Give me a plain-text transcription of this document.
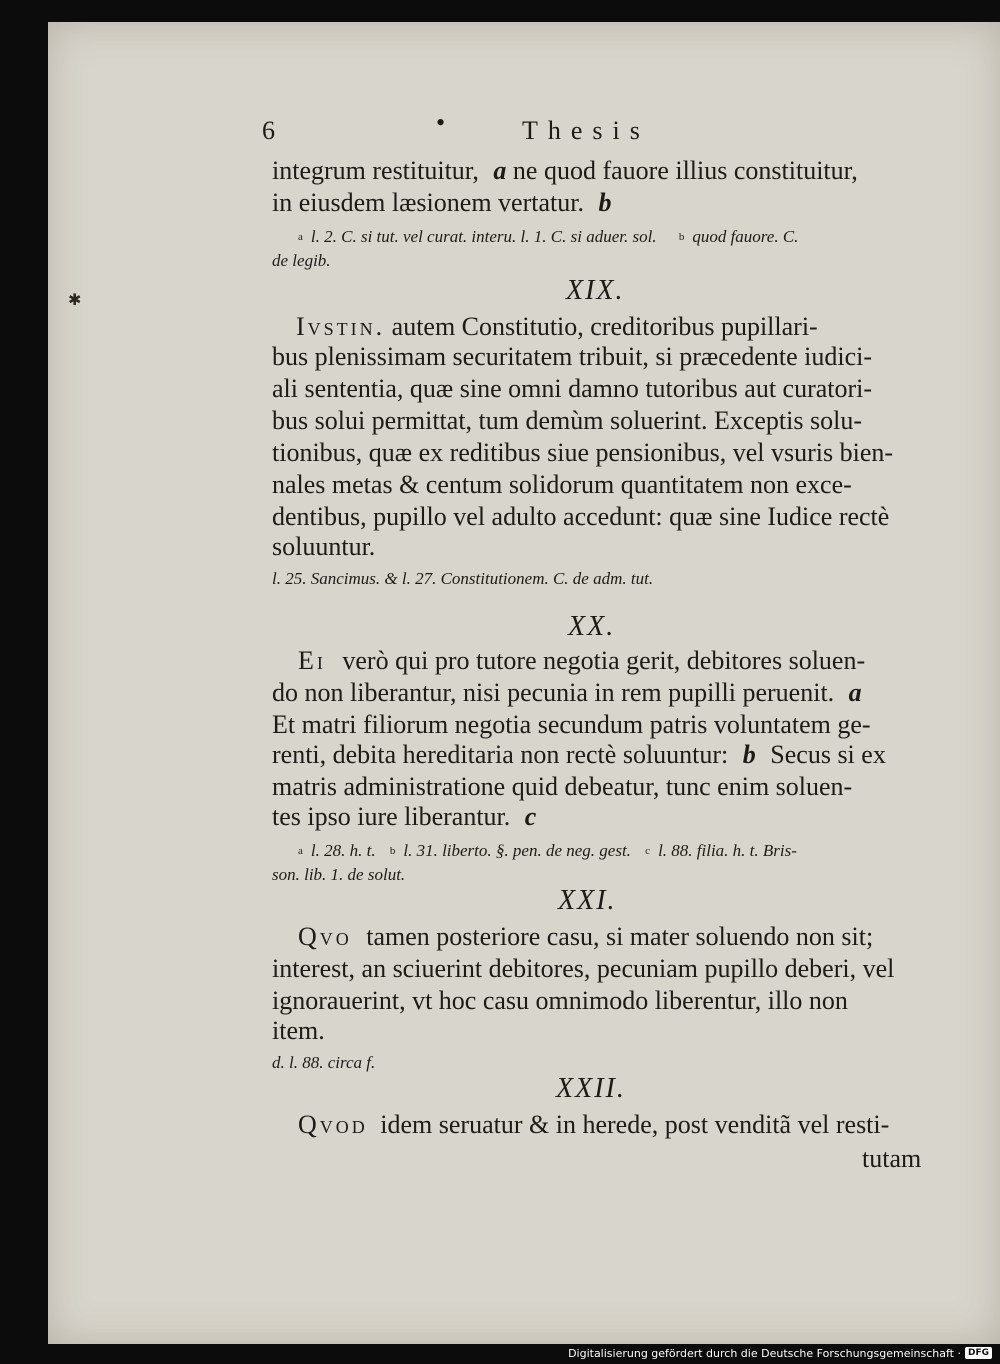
✱
6	•	Thesis
integrum restituitur, a ne quod fauore illius constituitur,
in eiusdem læsionem vertatur. b
$^a$ l. 2. C. si tut. vel curat. interu. l. 1. C. si aduer. sol. $^b$ quod fauore. C.
de legib.
XIX.
Ivstin. autem Constitutio, creditoribus pupillari-
bus plenissimam securitatem tribuit, si præcedente iudici-
ali sententia, quæ sine omni damno tutoribus aut curatori-
bus solui permittat, tum demùm soluerint. Exceptis solu-
tionibus, quæ ex reditibus siue pensionibus, vel vsuris bien-
nales metas & centum solidorum quantitatem non exce-
dentibus, pupillo vel adulto accedunt: quæ sine Iudice rectè
soluuntur.
l. 25. Sancimus. & l. 27. Constitutionem. C. de adm. tut.
XX.
Ei verò qui pro tutore negotia gerit, debitores soluen-
do non liberantur, nisi pecunia in rem pupilli peruenit. a
Et matri filiorum negotia secundum patris voluntatem ge-
renti, debita hereditaria non rectè soluuntur: b Secus si ex
matris administratione quid debeatur, tunc enim soluen-
tes ipso iure liberantur. c
$^a$ l. 28. h. t. $^b$ l. 31. liberto. §. pen. de neg. gest. $^c$ l. 88. filia. h. t. Bris-
son. lib. 1. de solut.
XXI.
Qvo tamen posteriore casu, si mater soluendo non sit;
interest, an sciuerint debitores, pecuniam pupillo deberi, vel
ignorauerint, vt hoc casu omnimodo liberentur, illo non
item.
d. l. 88. circa f.
XXII.
Qvod idem seruatur & in herede, post venditã vel resti-
tutam
Digitalisierung gefördert durch die Deutsche Forschungsgemeinschaft · DFG
